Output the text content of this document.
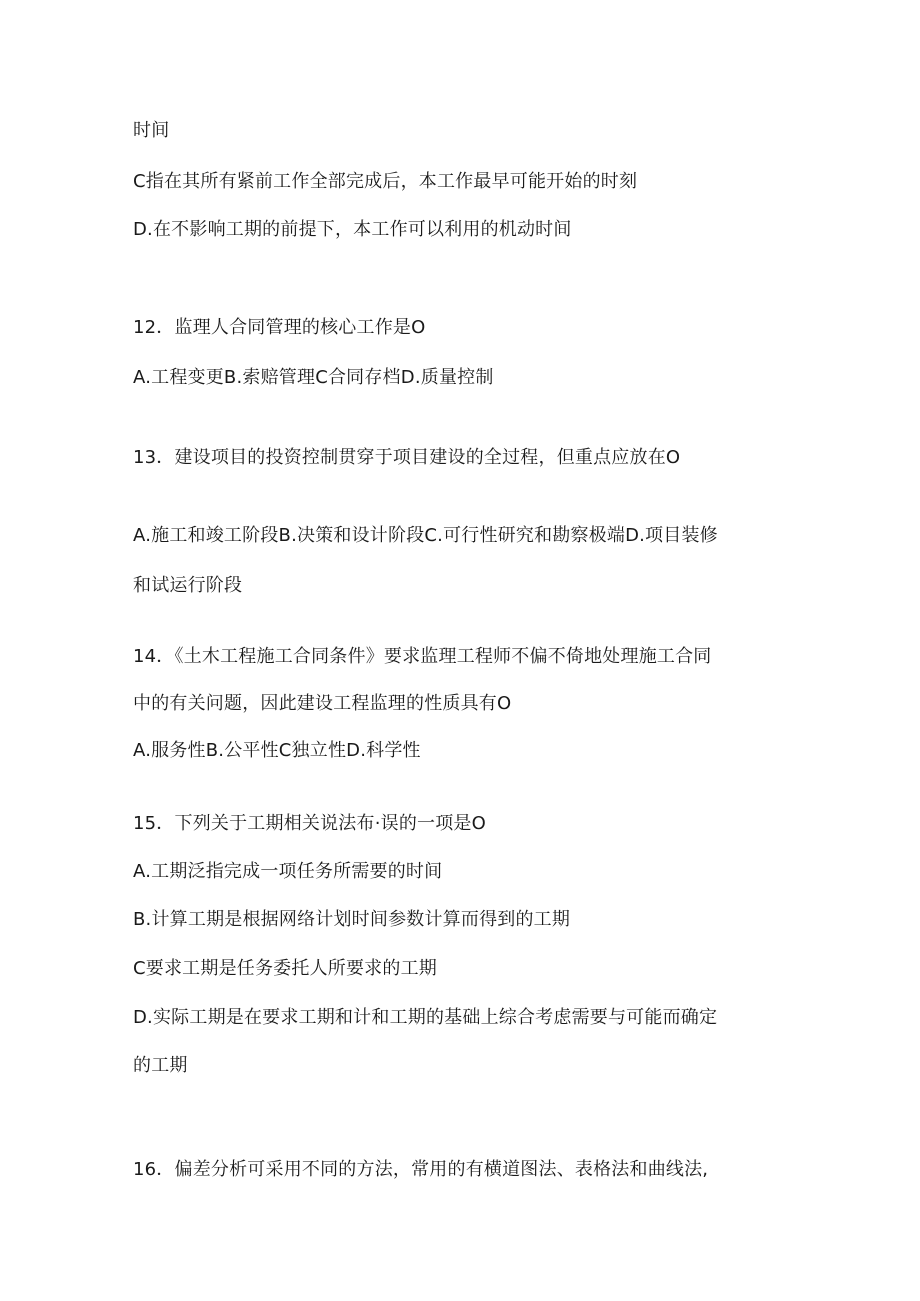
时间
C指在其所有紧前工作全部完成后，本工作最早可能开始的时刻
D.在不影响工期的前提下，本工作可以利用的机动时间
12．监理人合同管理的核心工作是O
A.工程变更B.索赔管理C合同存档D.质量控制
13．建设项目的投资控制贯穿于项目建设的全过程，但重点应放在O
A.施工和竣工阶段B.决策和设计阶段C.可行性研究和勘察极端D.项目装修
和试运行阶段
14．《土木工程施工合同条件》要求监理工程师不偏不倚地处理施工合同
中的有关问题，因此建设工程监理的性质具有O
A.服务性B.公平性C独立性D.科学性
15．下列关于工期相关说法布·误的一项是O
A.工期泛指完成一项任务所需要的时间
B.计算工期是根据网络计划时间参数计算而得到的工期
C要求工期是任务委托人所要求的工期
D.实际工期是在要求工期和计和工期的基础上综合考虑需要与可能而确定
的工期
16．偏差分析可采用不同的方法，常用的有横道图法、表格法和曲线法,
